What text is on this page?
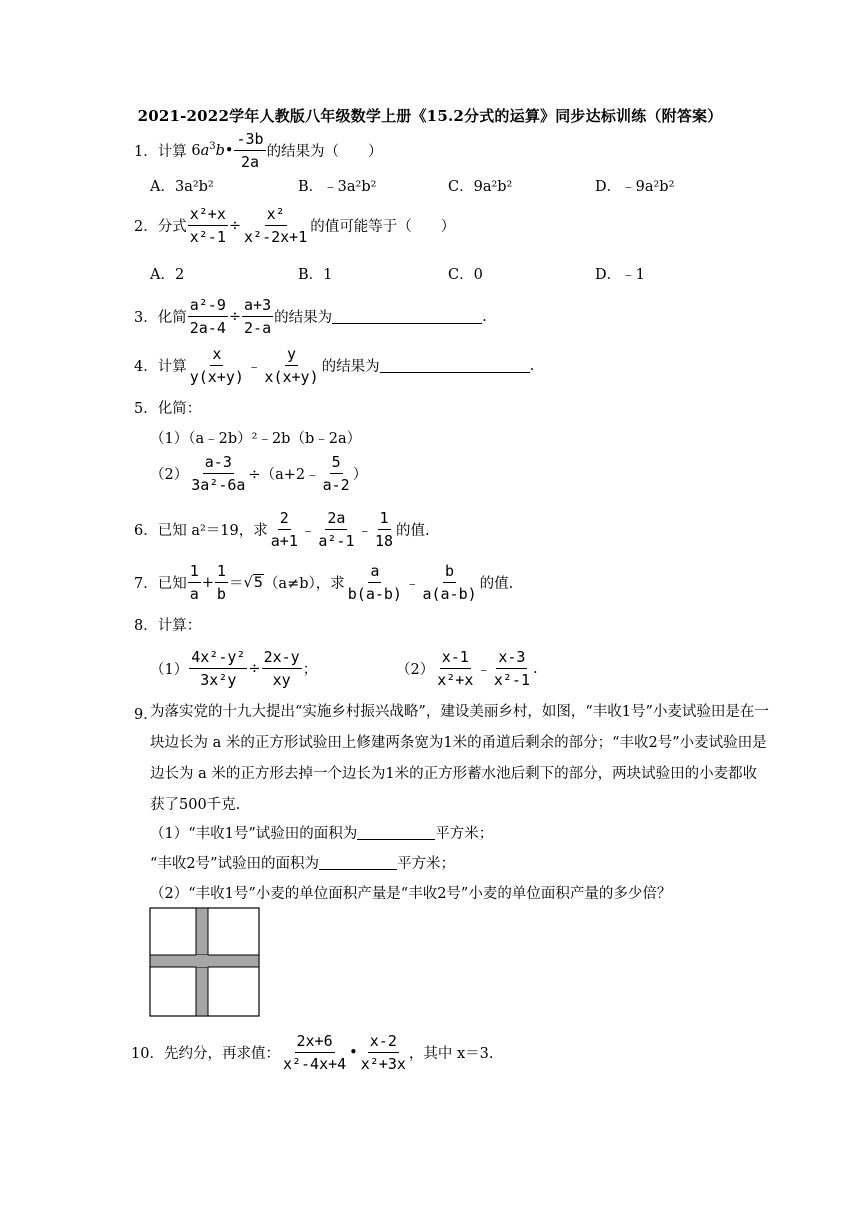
2021-2022学年人教版八年级数学上册《15.2分式的运算》同步达标训练（附答案）
1． 计算 $6a^3b• \frac{-3b}{2a}$ 的结果为（　　）
A．3a²b²	B．﹣3a²b²	C．9a²b²	D．﹣9a²b²
2． 分式 $\frac{\text{x²+x}}{\text{x²-1}} \div \frac{\text{x²}}{\text{x²-2x+1}}$ 的值可能等于（　　）
A．2	B．1	C．0	D．﹣1
3． 化简 $\frac{\text{a²-9}}{2a-4} \div \frac{a+3}{2-a}$ 的结果为	.
4． 计算 $\frac{x}{y(x+y)}$ ﹣ $\frac{y}{x(x+y)}$ 的结果为	.
5． 化简：
（1）（a﹣2b）²﹣2b（b﹣2a）
$(2) \frac{a-3}{\text{3a²-6a}}$ ÷（a+2﹣ $\frac{5}{a-2}$ ）
6． 已知 a²＝19，求 $\frac{2}{a+1}$ ﹣ $\frac{2a}{\text{a²-1}}$ ﹣ $\frac{1}{18}$ 的值.
7． 已知 $\frac{1}{a} + \frac{1}{b} = √5$ （a≠b），求 $\frac{a}{b(a-b)}$ ﹣ $\frac{b}{a(a-b)}$ 的值.
8． 计算：
$(1) \frac{\text{4x²-y²}}{\text{3x²y}} \div \frac{2x-y}{xy}$ ；	$(2) \frac{x-1}{\text{x²+x}}$ ﹣ $\frac{x-3}{\text{x²-1}}$ .
9．
为落实党的十九大提出“实施乡村振兴战略”，建设美丽乡村，如图，“丰收1号”小麦试验田是在一块边长为 a 米的正方形试验田上修建两条宽为1米的甬道后剩余的部分；“丰收2号”小麦试验田是边长为 a 米的正方形去掉一个边长为1米的正方形蓄水池后剩下的部分，两块试验田的小麦都收获了500千克.
（1）“丰收1号”试验田的面积为	平方米；
“丰收2号”试验田的面积为	平方米；
（2）“丰收1号”小麦的单位面积产量是“丰收2号”小麦的单位面积产量的多少倍？
10． 先约分，再求值： $\frac{2x+6}{\text{x²-4x+4}}$ • $\frac{x-2}{\text{x²+3x}}$ ，其中 x＝3.
